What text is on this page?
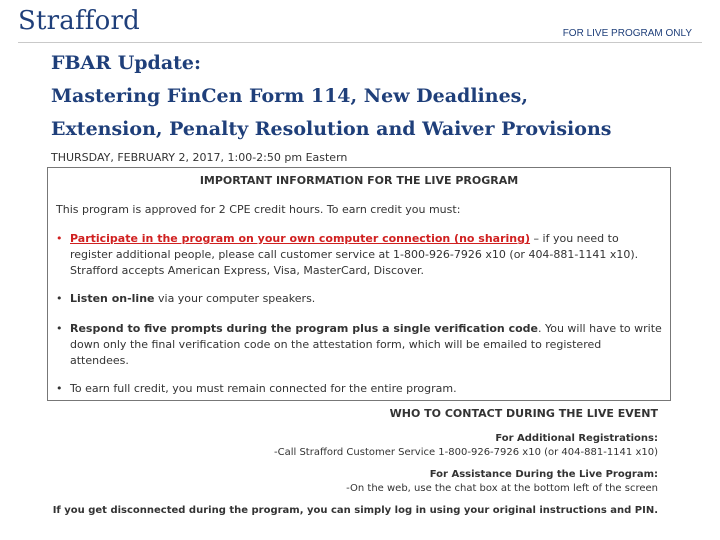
Strafford	FOR LIVE PROGRAM ONLY
FBAR Update:
Mastering FinCen Form 114, New Deadlines,
Extension, Penalty Resolution and Waiver Provisions
THURSDAY, FEBRUARY 2, 2017, 1:00-2:50 pm Eastern
IMPORTANT INFORMATION FOR THE LIVE PROGRAM
This program is approved for 2 CPE credit hours. To earn credit you must:
• Participate in the program on your own computer connection (no sharing) – if you need to register additional people, please call customer service at 1-800-926-7926 x10 (or 404-881-1141 x10). Strafford accepts American Express, Visa, MasterCard, Discover.
• Listen on-line via your computer speakers.
• Respond to five prompts during the program plus a single verification code. You will have to write down only the final verification code on the attestation form, which will be emailed to registered attendees.
• To earn full credit, you must remain connected for the entire program.
WHO TO CONTACT DURING THE LIVE EVENT
For Additional Registrations:
-Call Strafford Customer Service 1-800-926-7926 x10 (or 404-881-1141 x10)
For Assistance During the Live Program:
-On the web, use the chat box at the bottom left of the screen
If you get disconnected during the program, you can simply log in using your original instructions and PIN.
